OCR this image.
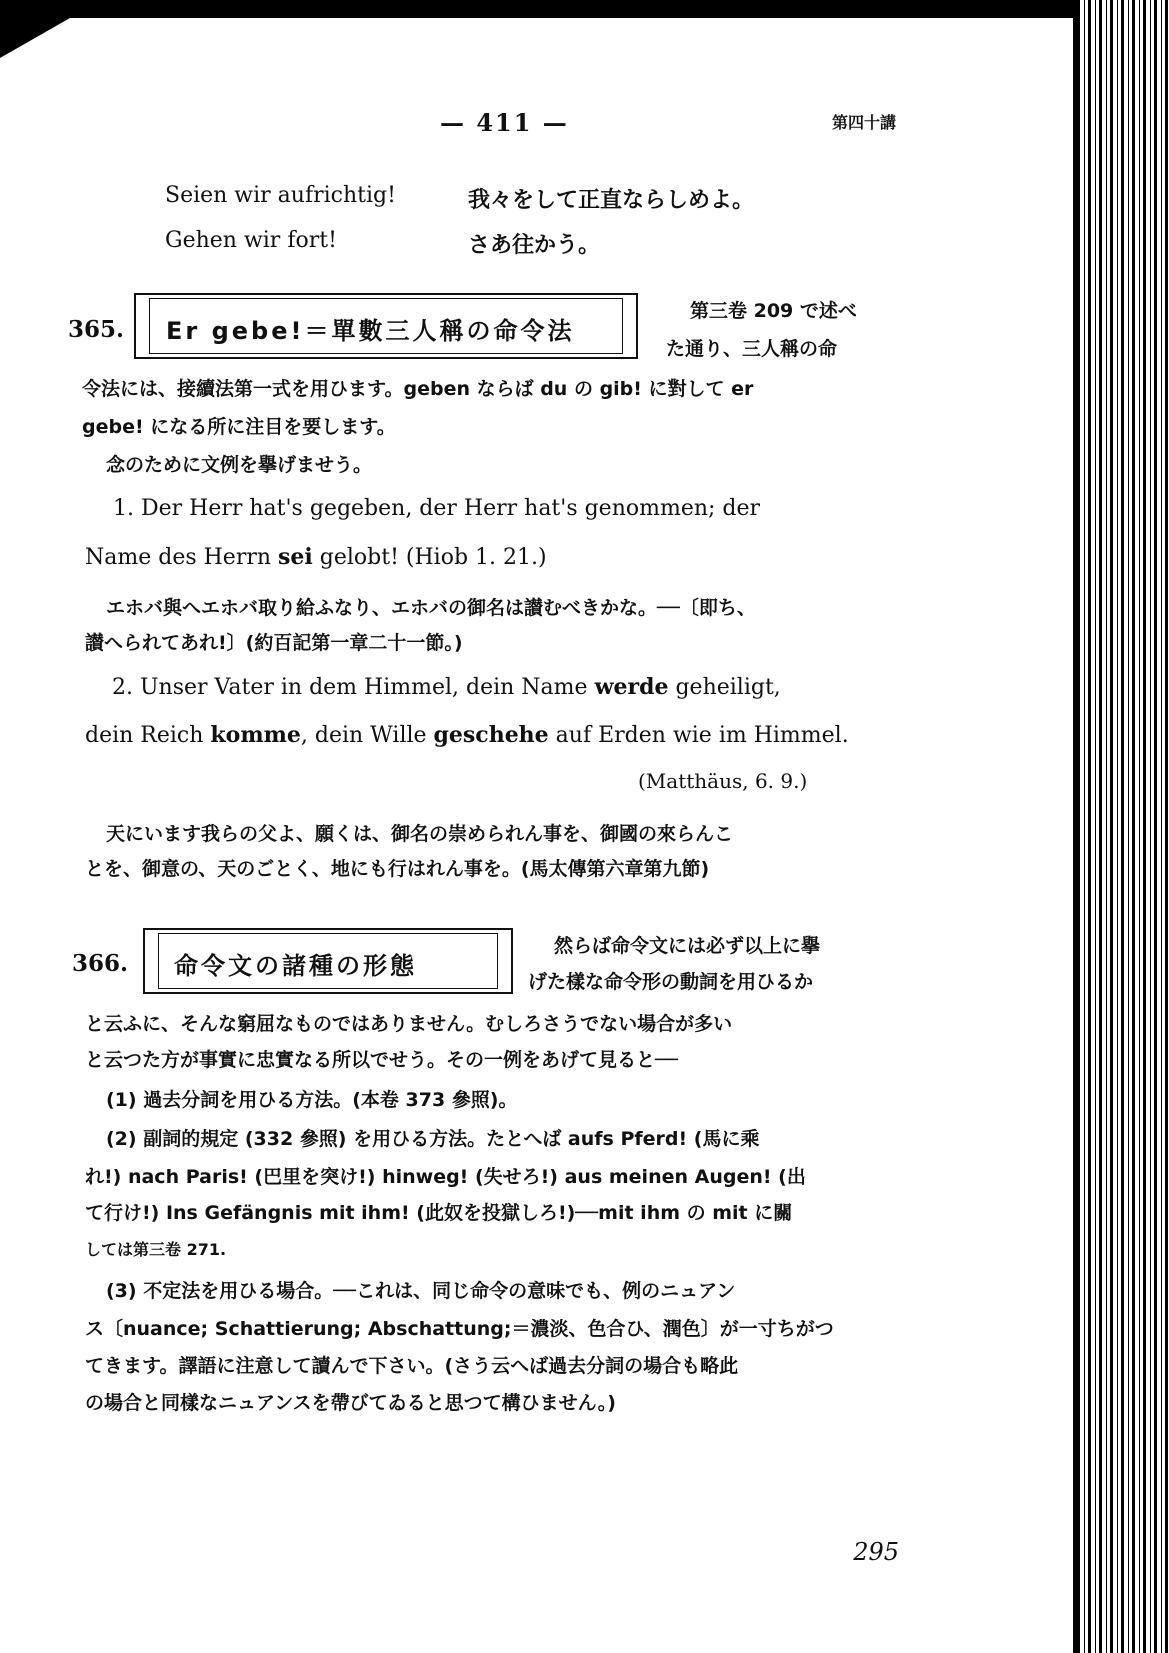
— 411 —	第四十講
Seien wir aufrichtig!	我々をして正直ならしめよ。
Gehen wir fort!	さあ往かう。
365. Er gebe!＝單數三人稱の命令法
第三卷 209 で述べ
た通り、三人稱の命
令法には、接續法第一式を用ひます。geben ならば du の gib! に對して er
gebe! になる所に注目を要します。
念のために文例を擧げませう。
1. Der Herr hat's gegeben, der Herr hat's genommen; der
Name des Herrn sei gelobt! (Hiob 1. 21.)
エホバ與へエホバ取り給ふなり、エホバの御名は讃むべきかな。──〔即ち、
讃へられてあれ!〕(約百記第一章二十一節。)
2. Unser Vater in dem Himmel, dein Name werde geheiligt,
dein Reich komme, dein Wille geschehe auf Erden wie im Himmel.
(Matthäus, 6. 9.)
天にいます我らの父よ、願くは、御名の崇められん事を、御國の來らんこ
とを、御意の、天のごとく、地にも行はれん事を。(馬太傳第六章第九節)
366. 命令文の諸種の形態
然らば命令文には必ず以上に擧
げた樣な命令形の動詞を用ひるか
と云ふに、そんな窮屈なものではありません。むしろさうでない場合が多い
と云つた方が事實に忠實なる所以でせう。その一例をあげて見ると──
(1) 過去分詞を用ひる方法。(本卷 373 參照)。
(2) 副詞的規定 (332 參照) を用ひる方法。たとへば aufs Pferd! (馬に乘
れ!) nach Paris! (巴里を突け!) hinweg! (失せろ!) aus meinen Augen! (出
て行け!) Ins Gefängnis mit ihm! (此奴を投獄しろ!)──mit ihm の mit に關
しては第三卷 271.
(3) 不定法を用ひる場合。──これは、同じ命令の意味でも、例のニュアン
ス〔nuance; Schattierung; Abschattung;＝濃淡、色合ひ、潤色〕が一寸ちがつ
てきます。譯語に注意して讀んで下さい。(さう云へば過去分詞の場合も略此
の場合と同樣なニュアンスを帶びてゐると思つて構ひません。)
295
